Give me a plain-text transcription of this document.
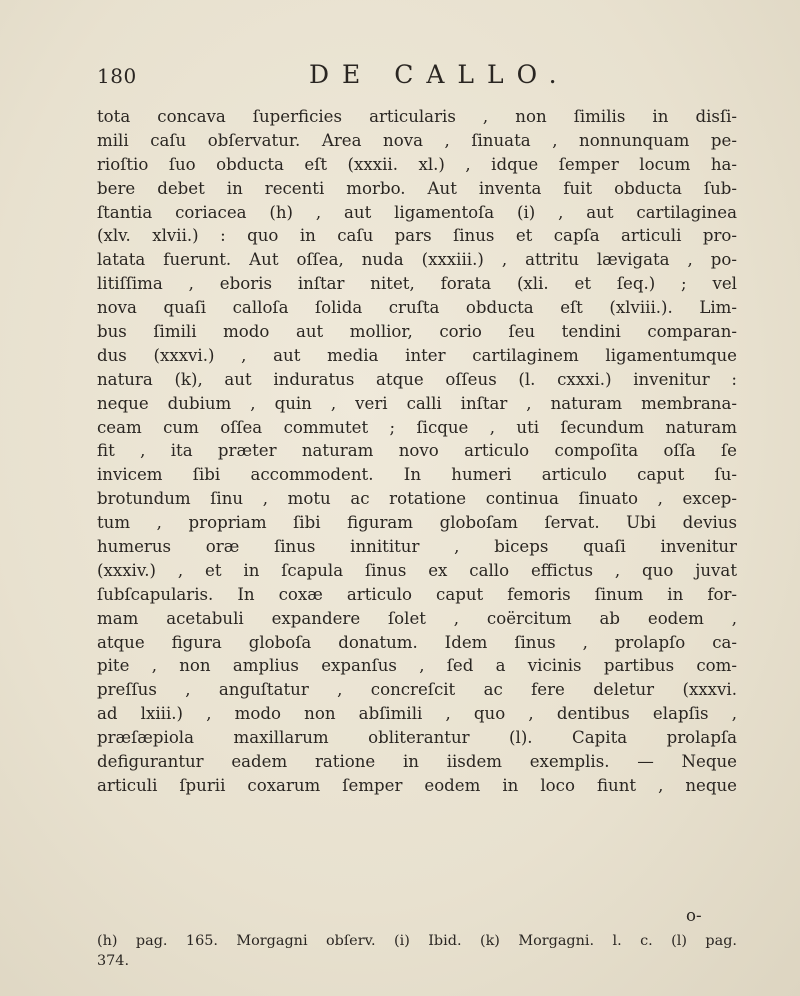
180	DE CALLO.
tota concava ſuperficies articularis , non ſimilis in disſi-
mili caſu obſervatur. Area nova , ſinuata , nonnunquam pe-
rioſtio ſuo obducta eſt (xxxii. xl.) , idque ſemper locum ha-
bere debet in recenti morbo. Aut inventa fuit obducta ſub-
ſtantia coriacea (h) , aut ligamentoſa (i) , aut cartilaginea
(xlv. xlvii.) : quo in caſu pars ſinus et capſa articuli pro-
latata fuerunt. Aut oſſea, nuda (xxxiii.) , attritu lævigata , po-
litiſſima , eboris inſtar nitet, forata (xli. et ſeq.) ; vel
nova quaſi calloſa ſolida cruſta obducta eſt (xlviii.). Lim-
bus ſimili modo aut mollior, corio ſeu tendini comparan-
dus (xxxvi.) , aut media inter cartilaginem ligamentumque
natura (k), aut induratus atque oſſeus (l. cxxxi.) invenitur :
neque dubium , quin , veri calli inſtar , naturam membrana-
ceam cum oſſea commutet ; ſicque , uti ſecundum naturam
fit , ita præter naturam novo articulo compoſita oſſa ſe
invicem ſibi accommodent. In humeri articulo caput ſu-
brotundum ſinu , motu ac rotatione continua ſinuato , excep-
tum , propriam ſibi figuram globoſam ſervat. Ubi devius
humerus oræ ſinus innititur , biceps quaſi invenitur
(xxxiv.) , et in ſcapula ſinus ex callo effictus , quo juvat
ſubſcapularis. In coxæ articulo caput femoris ſinum in for-
mam acetabuli expandere ſolet , coërcitum ab eodem ,
atque figura globoſa donatum. Idem ſinus , prolapſo ca-
pite , non amplius expanſus , ſed a vicinis partibus com-
preſſus , anguſtatur , concreſcit ac fere deletur (xxxvi.
ad lxiii.) , modo non abſimili , quo , dentibus elapſis ,
præſæpiola maxillarum obliterantur (l). Capita prolapſa
defigurantur eadem ratione in iisdem exemplis. — Neque
articuli ſpurii coxarum ſemper eodem in loco fiunt , neque
o-
(h) pag. 165. Morgagni obſerv. (i) Ibid. (k) Morgagni. l. c. (l) pag.
374.
